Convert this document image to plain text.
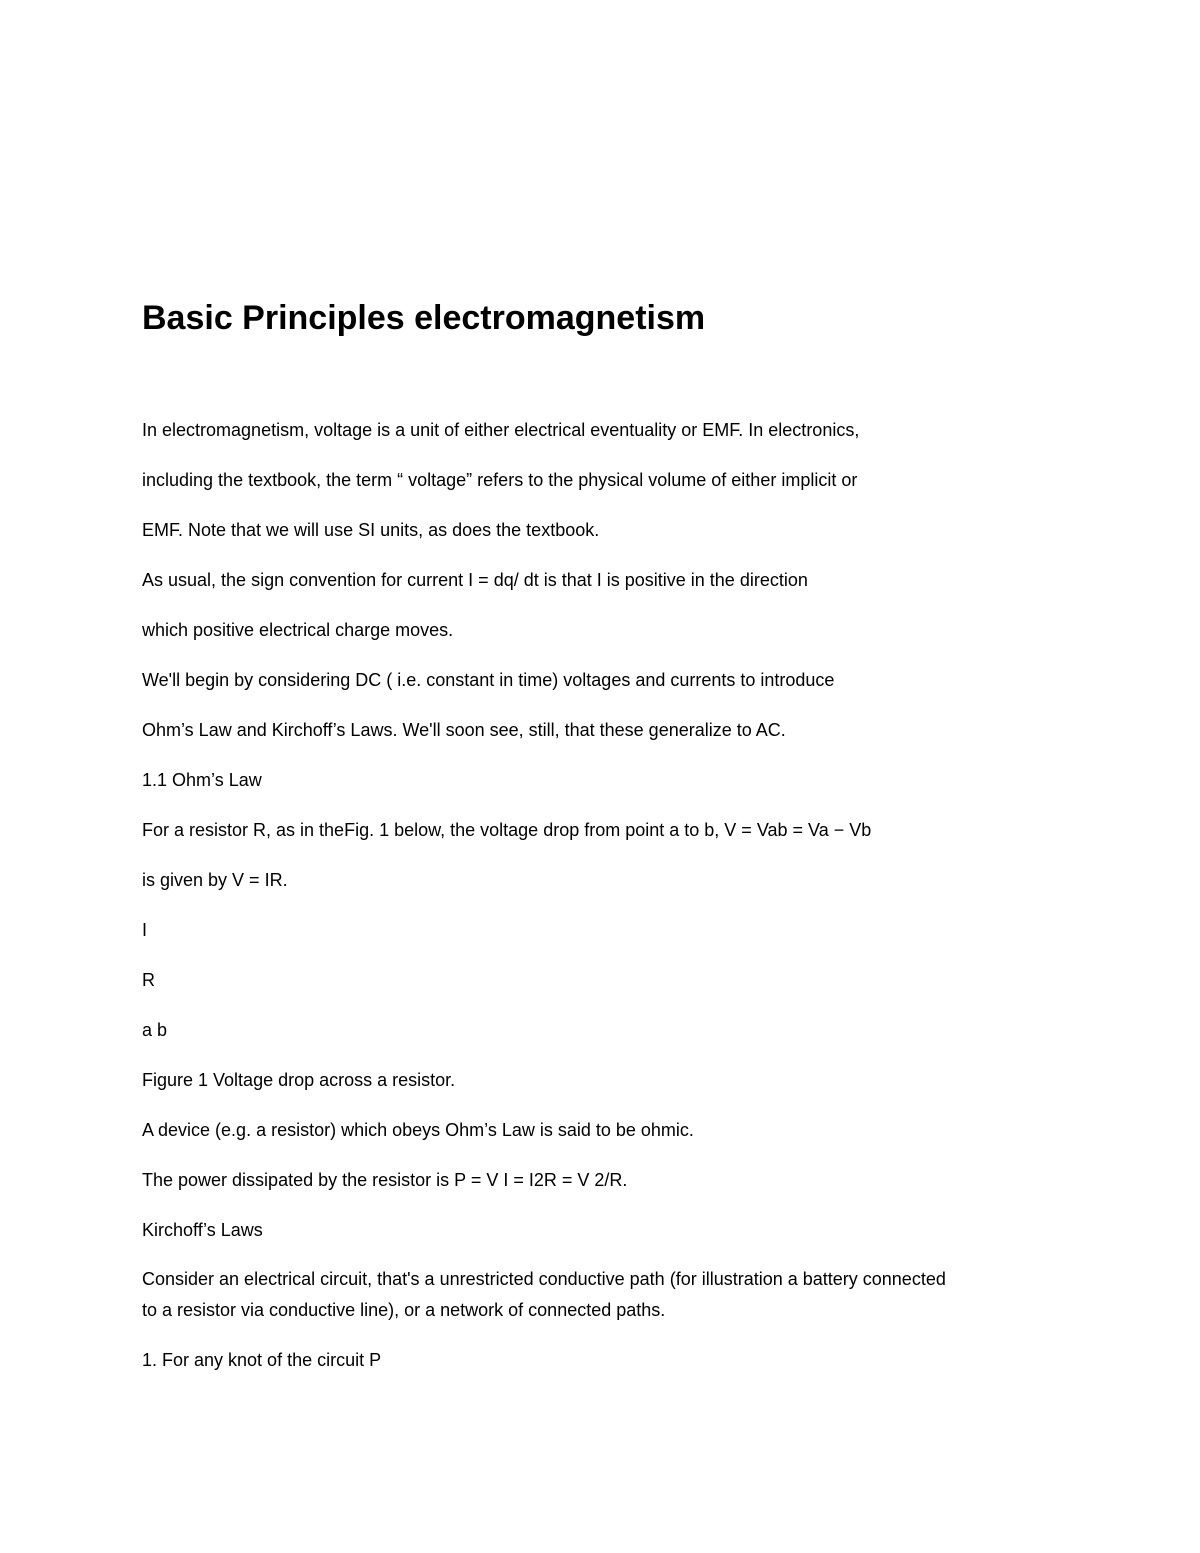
Basic Principles electromagnetism

In electromagnetism, voltage is a unit of either electrical eventuality or EMF. In electronics,

including the textbook, the term “ voltage” refers to the physical volume of either implicit or

EMF. Note that we will use SI units, as does the textbook.

As usual, the sign convention for current I = dq/ dt is that I is positive in the direction

which positive electrical charge moves.

We'll begin by considering DC ( i.e. constant in time) voltages and currents to introduce

Ohm’s Law and Kirchoff’s Laws. We'll soon see, still, that these generalize to AC.

1.1 Ohm’s Law

For a resistor R, as in theFig. 1 below, the voltage drop from point a to b, V = Vab = Va − Vb

is given by V = IR.

I

R

a b

Figure 1 Voltage drop across a resistor.

A device (e.g. a resistor) which obeys Ohm’s Law is said to be ohmic.

The power dissipated by the resistor is P = V I = I2R = V 2/R.

Kirchoff’s Laws

Consider an electrical circuit, that's a unrestricted conductive path (for illustration a battery connected

to a resistor via conductive line), or a network of connected paths.

1. For any knot of the circuit P
